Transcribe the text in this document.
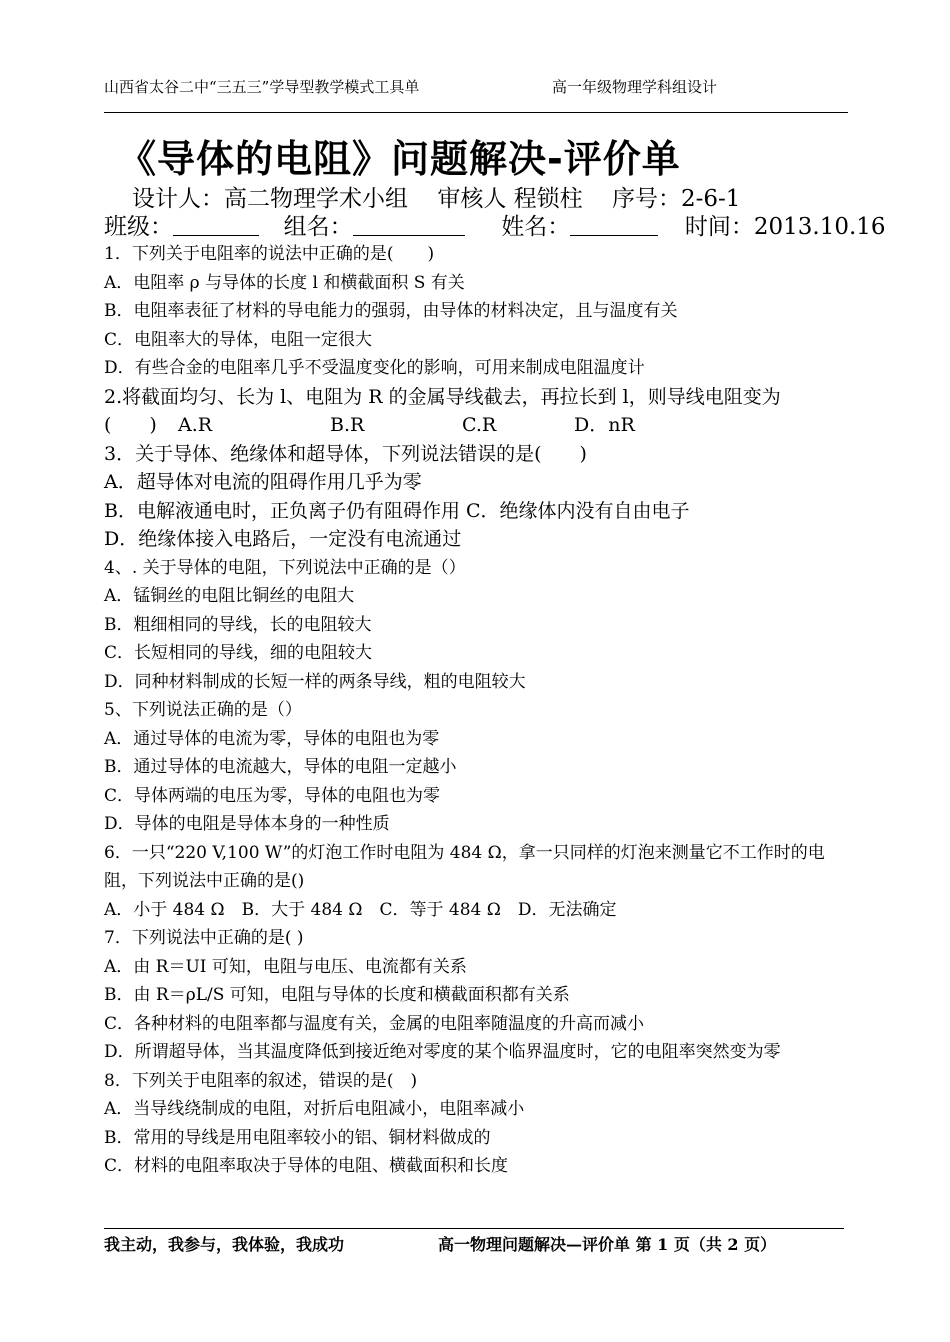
山西省太谷二中“三五三”学导型教学模式工具单	高一年级物理学科组设计
《导体的电阻》问题解决-评价单
设计人：高二物理学术小组 审核人 程锁柱 序号：2-6-1
班级：	组名：	姓名：	时间：2013.10.16
1．下列关于电阻率的说法中正确的是(　　)
A．电阻率 ρ 与导体的长度 l 和横截面积 S 有关
B．电阻率表征了材料的导电能力的强弱，由导体的材料决定，且与温度有关
C．电阻率大的导体，电阻一定很大
D．有些合金的电阻率几乎不受温度变化的影响，可用来制成电阻温度计
2.将截面均匀、长为 l、电阻为 R 的金属导线截去，再拉长到 l，则导线电阻变为
(　　) A.R	B.R	C.R	D．nR
3．关于导体、绝缘体和超导体，下列说法错误的是(　　)
A．超导体对电流的阻碍作用几乎为零
B．电解液通电时，正负离子仍有阻碍作用 C．绝缘体内没有自由电子
D．绝缘体接入电路后，一定没有电流通过
4、. 关于导体的电阻，下列说法中正确的是（）
A．锰铜丝的电阻比铜丝的电阻大
B．粗细相同的导线，长的电阻较大
C．长短相同的导线，细的电阻较大
D．同种材料制成的长短一样的两条导线，粗的电阻较大
5、下列说法正确的是（）
A．通过导体的电流为零，导体的电阻也为零
B．通过导体的电流越大，导体的电阻一定越小
C．导体两端的电压为零，导体的电阻也为零
D．导体的电阻是导体本身的一种性质
6．一只“220 V,100 W”的灯泡工作时电阻为 484 Ω，拿一只同样的灯泡来测量它不工作时的电阻，下列说法中正确的是()
A．小于 484 Ω　B．大于 484 Ω　C．等于 484 Ω　D．无法确定
7．下列说法中正确的是( )
A．由 R＝UI 可知，电阻与电压、电流都有关系
B．由 R＝ρL/S 可知，电阻与导体的长度和横截面积都有关系
C．各种材料的电阻率都与温度有关，金属的电阻率随温度的升高而减小
D．所谓超导体，当其温度降低到接近绝对零度的某个临界温度时，它的电阻率突然变为零
8．下列关于电阻率的叙述，错误的是(　)
A．当导线绕制成的电阻，对折后电阻减小，电阻率减小
B．常用的导线是用电阻率较小的铝、铜材料做成的
C．材料的电阻率取决于导体的电阻、横截面积和长度
我主动，我参与，我体验，我成功	高一物理问题解决—评价单 第 1 页（共 2 页）
